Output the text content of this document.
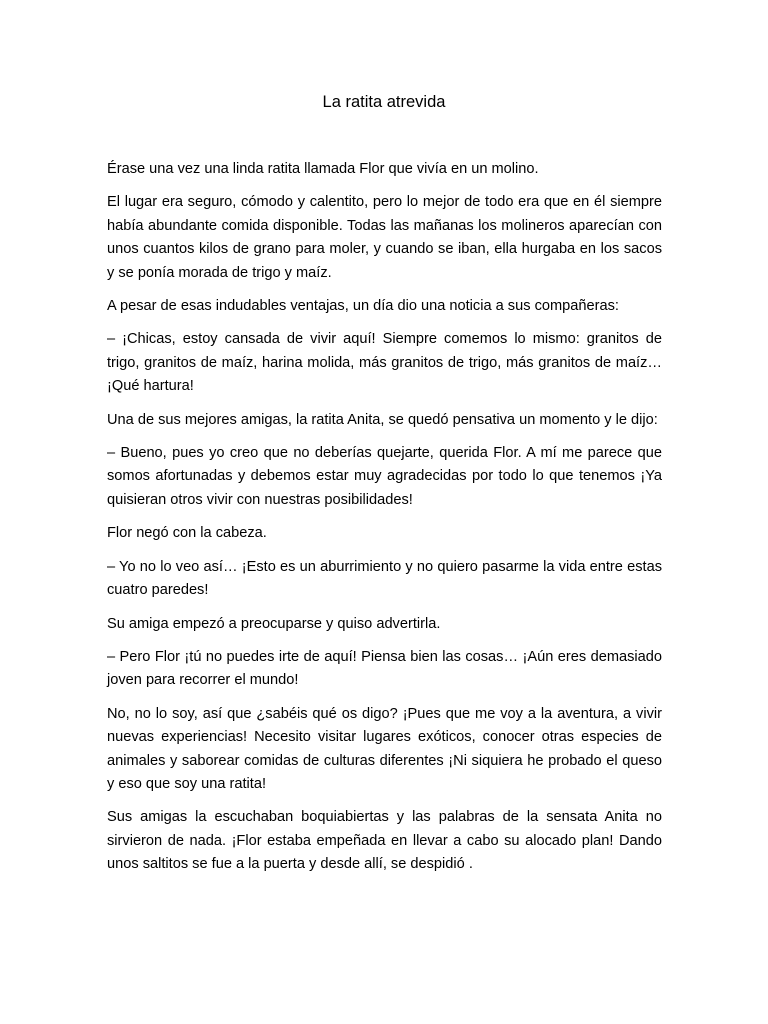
La ratita atrevida

Érase una vez una linda ratita llamada Flor que vivía en un molino.

El lugar era seguro, cómodo y calentito, pero lo mejor de todo era que en él siempre había abundante comida disponible. Todas las mañanas los molineros aparecían con unos cuantos kilos de grano para moler, y cuando se iban, ella hurgaba en los sacos y se ponía morada de trigo y maíz.

A pesar de esas indudables ventajas, un día dio una noticia a sus compañeras:

– ¡Chicas, estoy cansada de vivir aquí! Siempre comemos lo mismo: granitos de trigo, granitos de maíz, harina molida, más granitos de trigo, más granitos de maíz… ¡Qué hartura!

Una de sus mejores amigas, la ratita Anita, se quedó pensativa un momento y le dijo:

– Bueno, pues yo creo que no deberías quejarte, querida Flor. A mí me parece que somos afortunadas y debemos estar muy agradecidas por todo lo que tenemos ¡Ya quisieran otros vivir con nuestras posibilidades!

Flor negó con la cabeza.

– Yo no lo veo así… ¡Esto es un aburrimiento y no quiero pasarme la vida entre estas cuatro paredes!

Su amiga empezó a preocuparse y quiso advertirla.

– Pero Flor ¡tú no puedes irte de aquí! Piensa bien las cosas… ¡Aún eres demasiado joven para recorrer el mundo!

No, no lo soy, así que ¿sabéis qué os digo? ¡Pues que me voy a la aventura, a vivir nuevas experiencias! Necesito visitar lugares exóticos, conocer otras especies de animales y saborear comidas de culturas diferentes ¡Ni siquiera he probado el queso y eso que soy una ratita!

Sus amigas la escuchaban boquiabiertas y las palabras de la sensata Anita no sirvieron de nada. ¡Flor estaba empeñada en llevar a cabo su alocado plan! Dando unos saltitos se fue a la puerta y desde allí, se despidió .
